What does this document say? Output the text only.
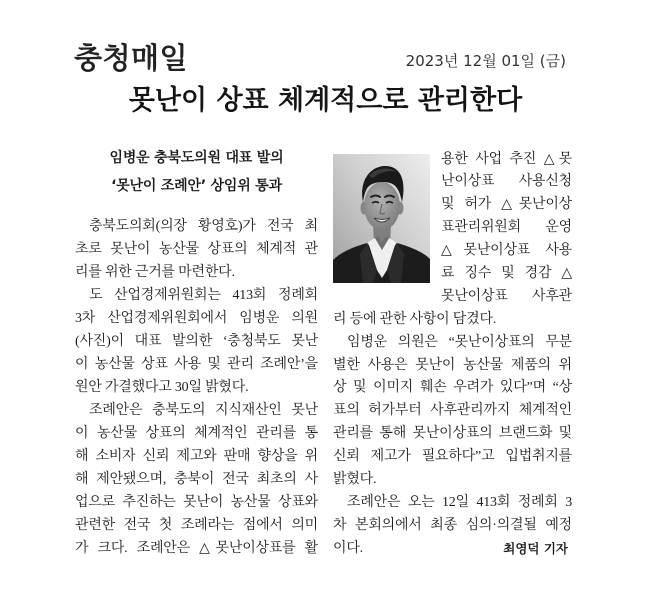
충청매일	2023년 12월 01일 (금)
못난이 상표 체계적으로 관리한다
임병운 충북도의원 대표 발의
‘못난이 조례안’ 상임위 통과
충북도의회(의장 황영호)가 전국 최
초로 못난이 농산물 상표의 체계적 관
리를 위한 근거를 마련한다.
도 산업경제위원회는 413회 정례회
3차 산업경제위원회에서 임병운 의원
(사진)이 대표 발의한 ‘충청북도 못난
이 농산물 상표 사용 및 관리 조례안’을
원안 가결했다고 30일 밝혔다.
조례안은 충북도의 지식재산인 못난
이 농산물 상표의 체계적인 관리를 통
해 소비자 신뢰 제고와 판매 향상을 위
해 제안됐으며, 충북이 전국 최초의 사
업으로 추진하는 못난이 농산물 상표와
관련한 전국 첫 조례라는 점에서 의미
가 크다. 조례안은 △못난이상표를 활
용한 사업 추진 △못
난이상표 사용신청
및 허가 △못난이상
표관리위원회 운영
△못난이상표 사용
료 징수 및 경감 △
못난이상표 사후관
리 등에 관한 사항이 담겼다.
임병운 의원은 “못난이상표의 무분
별한 사용은 못난이 농산물 제품의 위
상 및 이미지 훼손 우려가 있다”며 “상
표의 허가부터 사후관리까지 체계적인
관리를 통해 못난이상표의 브랜드화 및
신뢰 제고가 필요하다”고 입법취지를
밝혔다.
조례안은 오는 12일 413회 정례회 3
차 본회의에서 최종 심의·의결될 예정
이다.	최영덕 기자
